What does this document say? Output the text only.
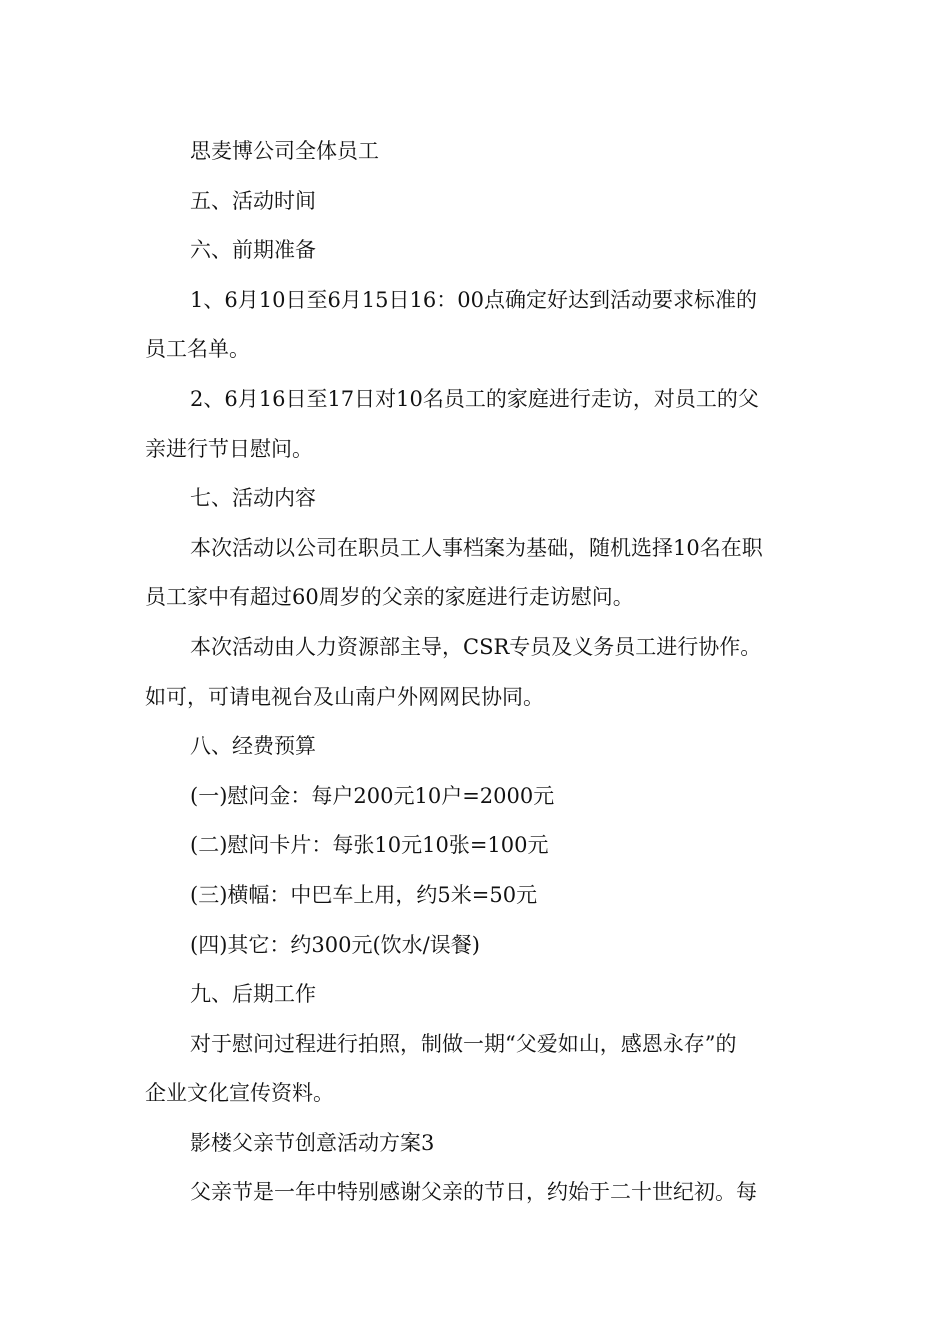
思麦博公司全体员工
五、活动时间
六、前期准备
1、6月10日至6月15日16：00点确定好达到活动要求标准的
员工名单。
2、6月16日至17日对10名员工的家庭进行走访，对员工的父
亲进行节日慰问。
七、活动内容
本次活动以公司在职员工人事档案为基础，随机选择10名在职
员工家中有超过60周岁的父亲的家庭进行走访慰问。
本次活动由人力资源部主导，CSR专员及义务员工进行协作。
如可，可请电视台及山南户外网网民协同。
八、经费预算
(一)慰问金：每户200元10户=2000元
(二)慰问卡片：每张10元10张=100元
(三)横幅：中巴车上用，约5米=50元
(四)其它：约300元(饮水/误餐)
九、后期工作
对于慰问过程进行拍照，制做一期“父爱如山，感恩永存”的
企业文化宣传资料。
影楼父亲节创意活动方案3
父亲节是一年中特别感谢父亲的节日，约始于二十世纪初。每
